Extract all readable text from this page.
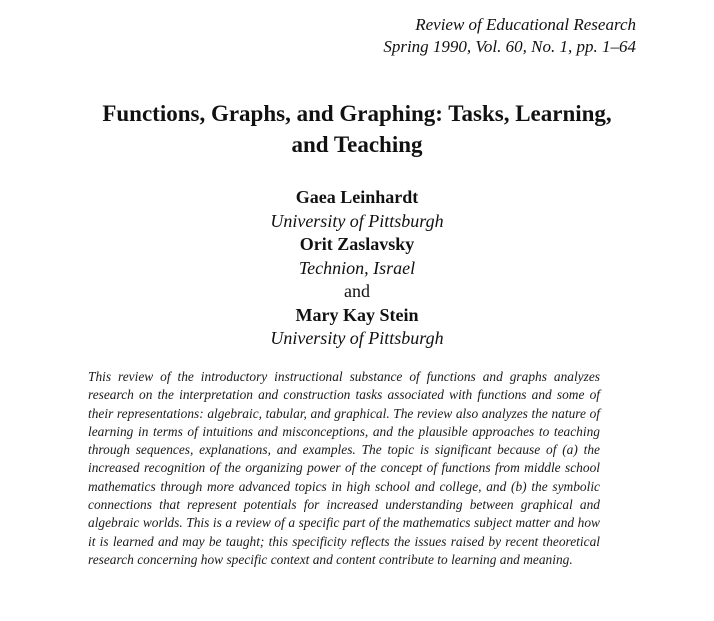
Review of Educational Research
Spring 1990, Vol. 60, No. 1, pp. 1–64
Functions, Graphs, and Graphing: Tasks, Learning,
and Teaching
Gaea Leinhardt
University of Pittsburgh
Orit Zaslavsky
Technion, Israel
and
Mary Kay Stein
University of Pittsburgh
This review of the introductory instructional substance of functions and graphs analyzes research on the interpretation and construction tasks associated with functions and some of their representations: algebraic, tabular, and graphical. The review also analyzes the nature of learning in terms of intuitions and misconceptions, and the plausible approaches to teaching through sequences, explanations, and examples. The topic is significant because of (a) the increased recognition of the organizing power of the concept of functions from middle school mathematics through more advanced topics in high school and college, and (b) the symbolic connections that represent potentials for increased understanding between graphical and algebraic worlds. This is a review of a specific part of the mathematics subject matter and how it is learned and may be taught; this specificity reflects the issues raised by recent theoretical research concerning how specific context and content contribute to learning and meaning.
